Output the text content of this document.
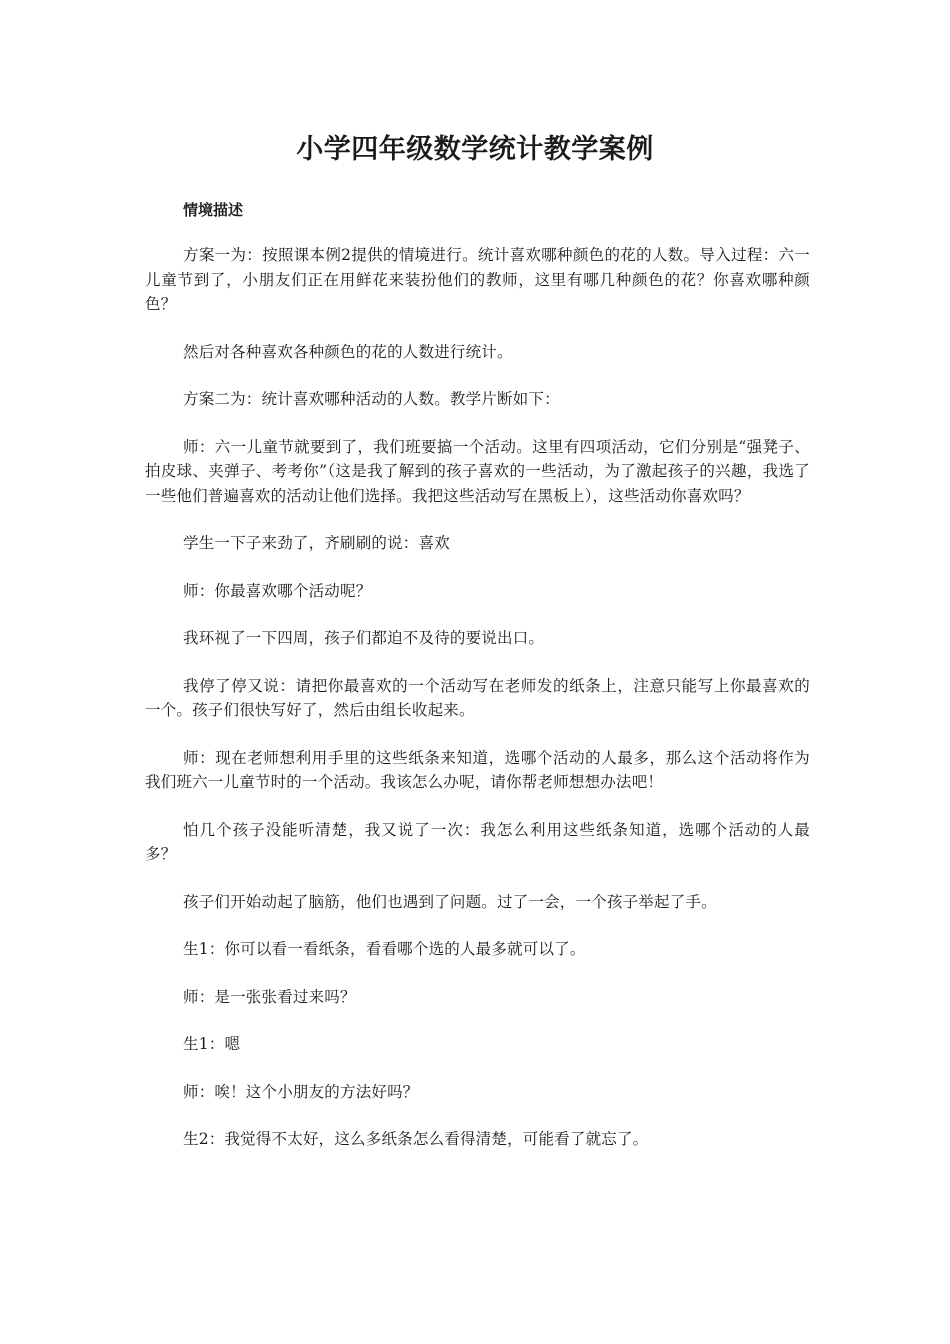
小学四年级数学统计教学案例
情境描述

方案一为：按照课本例2提供的情境进行。统计喜欢哪种颜色的花的人数。导入过程：六一儿童节到了，小朋友们正在用鲜花来装扮他们的教师，这里有哪几种颜色的花？你喜欢哪种颜色？

然后对各种喜欢各种颜色的花的人数进行统计。

方案二为：统计喜欢哪种活动的人数。教学片断如下：

师：六一儿童节就要到了，我们班要搞一个活动。这里有四项活动，它们分别是“强凳子、拍皮球、夹弹子、考考你”（这是我了解到的孩子喜欢的一些活动，为了激起孩子的兴趣，我选了一些他们普遍喜欢的活动让他们选择。我把这些活动写在黑板上），这些活动你喜欢吗？

学生一下子来劲了，齐刷刷的说：喜欢

师：你最喜欢哪个活动呢？

我环视了一下四周，孩子们都迫不及待的要说出口。

我停了停又说：请把你最喜欢的一个活动写在老师发的纸条上，注意只能写上你最喜欢的一个。孩子们很快写好了，然后由组长收起来。

师：现在老师想利用手里的这些纸条来知道，选哪个活动的人最多，那么这个活动将作为我们班六一儿童节时的一个活动。我该怎么办呢，请你帮老师想想办法吧！

怕几个孩子没能听清楚，我又说了一次：我怎么利用这些纸条知道，选哪个活动的人最多？

孩子们开始动起了脑筋，他们也遇到了问题。过了一会，一个孩子举起了手。

生1：你可以看一看纸条，看看哪个选的人最多就可以了。

师：是一张张看过来吗？

生1：嗯

师：唉！这个小朋友的方法好吗？

生2：我觉得不太好，这么多纸条怎么看得清楚，可能看了就忘了。
